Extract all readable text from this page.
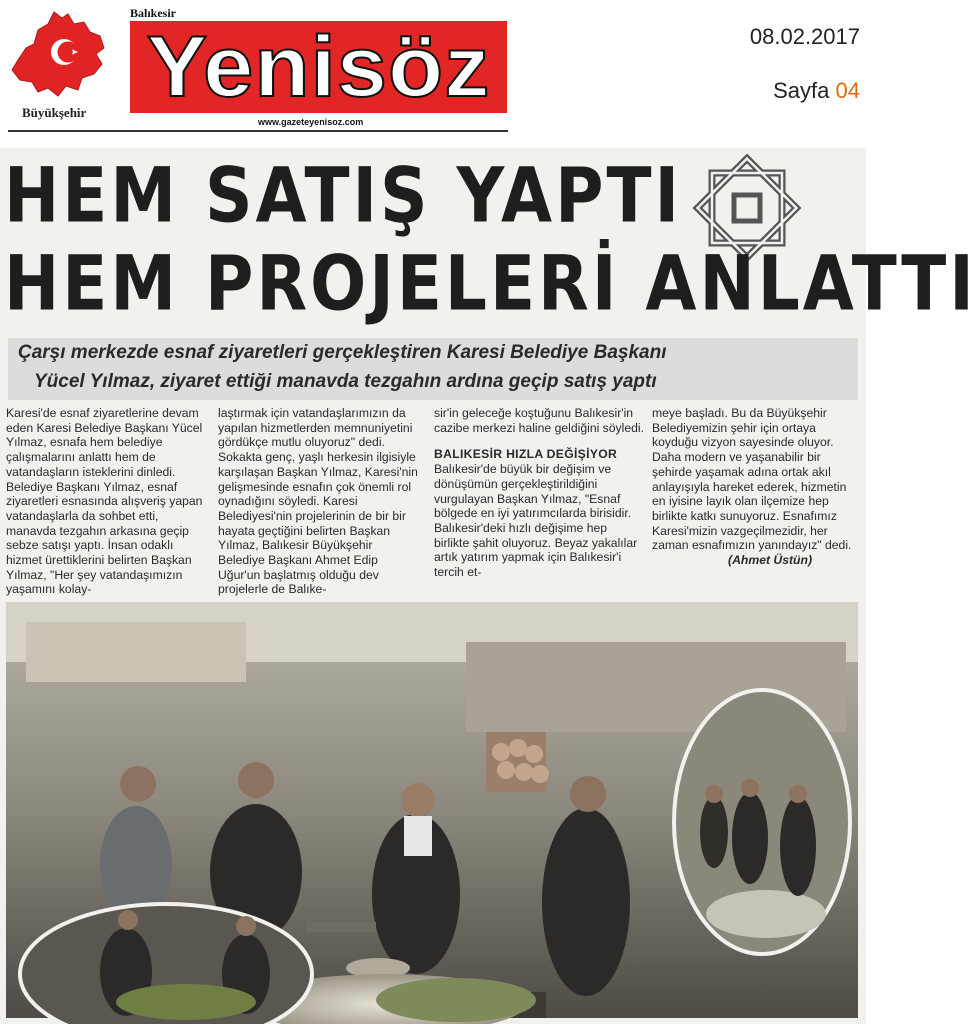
Büyükşehir
Balıkesir
Yenisöz
www.gazeteyenisoz.com
08.02.2017
Sayfa 04
HEM SATIŞ YAPTI
HEM PROJELERİ ANLATTI
Çarşı merkezde esnaf ziyaretleri gerçekleştiren Karesi Belediye Başkanı
Yücel Yılmaz, ziyaret ettiği manavda tezgahın ardına geçip satış yaptı
Karesi'de esnaf ziyaretlerine devam eden Karesi Belediye Başkanı Yücel Yılmaz, esnafa hem belediye çalışmalarını anlattı hem de vatandaşların isteklerini dinledi. Belediye Başkanı Yılmaz, esnaf ziyaretleri esnasında alışveriş yapan vatandaşlarla da sohbet etti, manavda tezgahın arkasına geçip sebze satışı yaptı. İnsan odaklı hizmet ürettiklerini belirten Başkan Yılmaz, "Her şey vatandaşımızın yaşamını kolay-
laştırmak için vatandaşlarımızın da yapılan hizmetlerden memnuniyetini gördükçe mutlu oluyoruz" dedi. Sokakta genç, yaşlı herkesin ilgisiyle karşılaşan Başkan Yılmaz, Karesi'nin gelişmesinde esnafın çok önemli rol oynadığını söyledi. Karesi Belediyesi'nin projelerinin de bir bir hayata geçtiğini belirten Başkan Yılmaz, Balıkesir Büyükşehir Belediye Başkanı Ahmet Edip Uğur'un başlatmış olduğu dev projelerle de Balıke-
sir'in geleceğe koştuğunu Balıkesir'in cazibe merkezi haline geldiğini söyledi.
BALIKESİR HIZLA DEĞİŞİYOR
Balıkesir'de büyük bir değişim ve dönüşümün gerçekleştirildiğini vurgulayan Başkan Yılmaz, "Esnaf bölgede en iyi yatırımcılarda birisidir. Balıkesir'deki hızlı değişime hep birlikte şahit oluyoruz. Beyaz yakalılar artık yatırım yapmak için Balıkesir'i tercih et-
meye başladı. Bu da Büyükşehir Belediyemizin şehir için ortaya koyduğu vizyon sayesinde oluyor. Daha modern ve yaşanabilir bir şehirde yaşamak adına ortak akıl anlayışıyla hareket ederek, hizmetin en iyisine layık olan ilçemize hep birlikte katkı sunuyoruz. Esnafımız Karesi'mizin vazgeçilmezidir, her zaman esnafımızın yanındayız" dedi.
(Ahmet Üstün)
